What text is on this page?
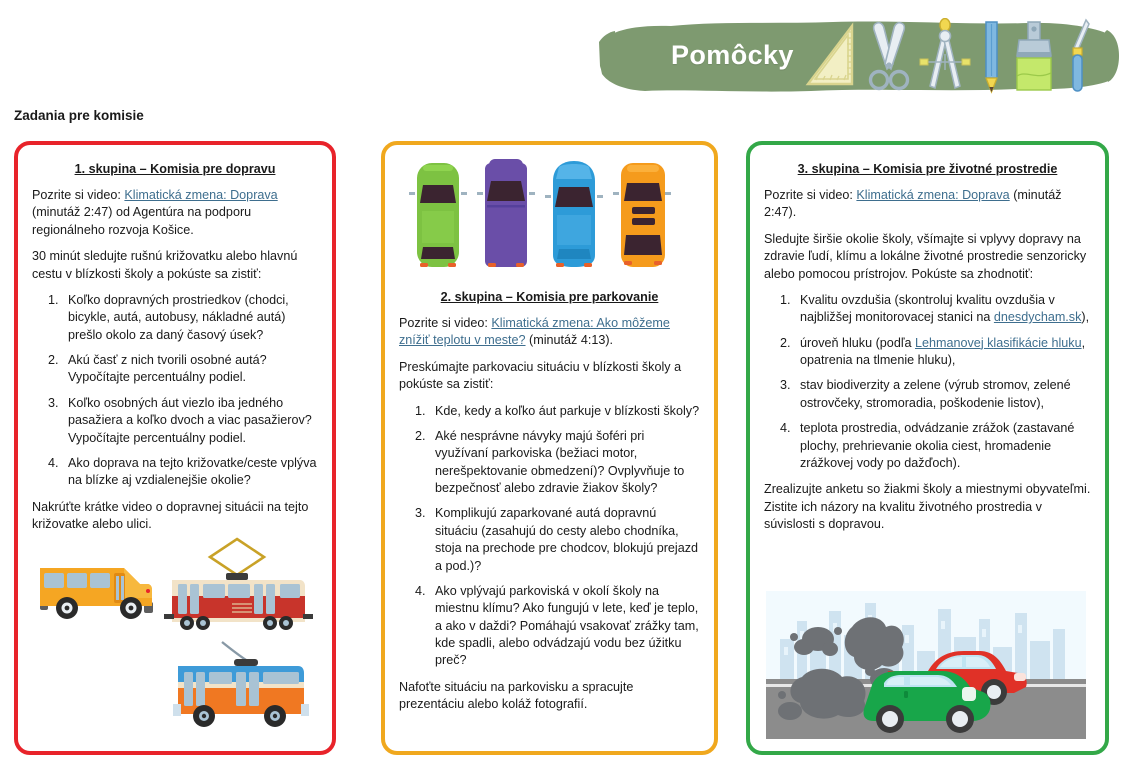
Pomôcky
Zadania pre komisie
1. skupina – Komisia pre dopravu

Pozrite si video: Klimatická zmena: Doprava (minutáž 2:47) od Agentúra na podporu regionálneho rozvoja Košice.

30 minút sledujte rušnú križovatku alebo hlavnú cestu v blízkosti školy a pokúste sa zistiť:

1. Koľko dopravných prostriedkov (chodci, bicykle, autá, autobusy, nákladné autá) prešlo okolo za daný časový úsek?
2. Akú časť z nich tvorili osobné autá? Vypočítajte percentuálny podiel.
3. Koľko osobných áut viezlo iba jedného pasažiera a koľko dvoch a viac pasažierov? Vypočítajte percentuálny podiel.
4. Ako doprava na tejto križovatke/ceste vplýva na blízke aj vzdialenejšie okolie?

Nakrúťte krátke video o dopravnej situácii na tejto križovatke alebo ulici.

2. skupina – Komisia pre parkovanie

Pozrite si video: Klimatická zmena: Ako môžeme znížiť teplotu v meste? (minutáž 4:13).

Preskúmajte parkovaciu situáciu v blízkosti školy a pokúste sa zistiť:

1. Kde, kedy a koľko áut parkuje v blízkosti školy?
2. Aké nesprávne návyky majú šoféri pri využívaní parkoviska (bežiaci motor, nerešpektovanie obmedzení)? Ovplyvňuje to bezpečnosť alebo zdravie žiakov školy?
3. Komplikujú zaparkované autá dopravnú situáciu (zasahujú do cesty alebo chodníka, stoja na prechode pre chodcov, blokujú prejazd a pod.)?
4. Ako vplývajú parkoviská v okolí školy na miestnu klímu? Ako fungujú v lete, keď je teplo, a ako v daždi? Pomáhajú vsakovať zrážky tam, kde spadli, alebo odvádzajú vodu bez úžitku preč?

Nafoťte situáciu na parkovisku a spracujte prezentáciu alebo koláž fotografií.

3. skupina – Komisia pre životné prostredie

Pozrite si video: Klimatická zmena: Doprava (minutáž 2:47).

Sledujte širšie okolie školy, všímajte si vplyvy dopravy na zdravie ľudí, klímu a lokálne životné prostredie senzoricky alebo pomocou prístrojov. Pokúste sa zhodnotiť:

1. Kvalitu ovzdušia (skontroluj kvalitu ovzdušia v najbližšej monitorovacej stanici na dnesdycham.sk),
2. úroveň hluku (podľa Lehmanovej klasifikácie hluku, opatrenia na tlmenie hluku),
3. stav biodiverzity a zelene (výrub stromov, zelené ostrovčeky, stromoradia, poškodenie listov),
4. teplota prostredia, odvádzanie zrážok (zastavané plochy, prehrievanie okolia ciest, hromadenie zrážkovej vody po dažďoch).

Zrealizujte anketu so žiakmi školy a miestnymi obyvateľmi. Zistite ich názory na kvalitu životného prostredia v súvislosti s dopravou.
